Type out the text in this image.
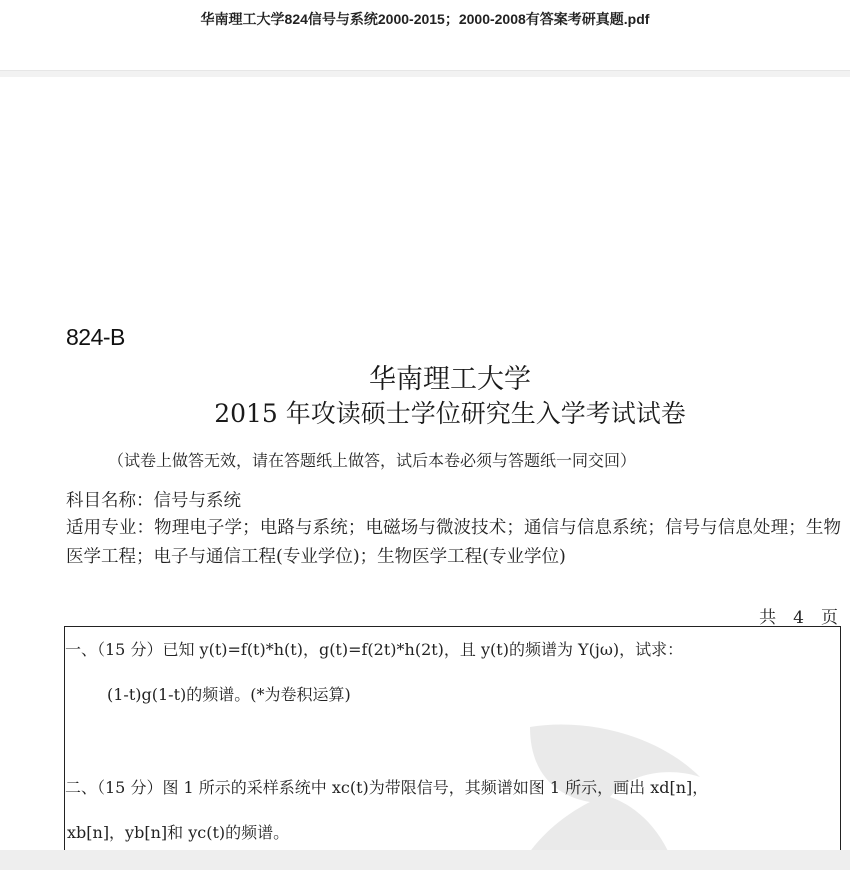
华南理工大学824信号与系统2000-2015；2000-2008有答案考研真题.pdf
824-B
华南理工大学
2015 年攻读硕士学位研究生入学考试试卷
（试卷上做答无效，请在答题纸上做答，试后本卷必须与答题纸一同交回）
科目名称：信号与系统
适用专业：物理电子学；电路与系统；电磁场与微波技术；通信与信息系统；信号与信息处理；生物医学工程；电子与通信工程(专业学位)；生物医学工程(专业学位)
共　4　页
一、（15 分）已知 y(t)=f(t)*h(t)，g(t)=f(2t)*h(2t)，且 y(t)的频谱为 Y(jω)，试求：
(1-t)g(1-t)的频谱。(*为卷积运算)
二、（15 分）图 1 所示的采样系统中 xc(t)为带限信号，其频谱如图 1 所示，画出 xd[n]，
xb[n]，yb[n]和 yc(t)的频谱。
